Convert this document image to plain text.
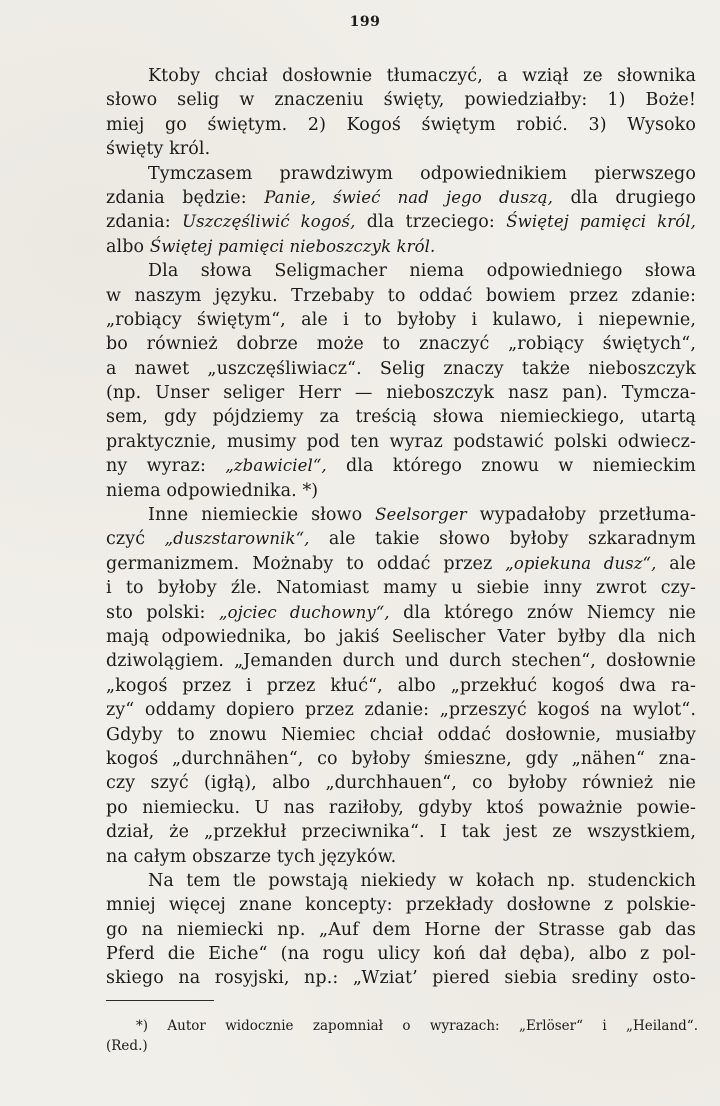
199
Ktoby chciał dosłownie tłumaczyć, a wziął ze słownika
słowo selig w znaczeniu święty, powiedziałby: 1) Boże!
miej go świętym. 2) Kogoś świętym robić. 3) Wysoko
święty król.
Tymczasem prawdziwym odpowiednikiem pierwszego
zdania będzie: Panie, świeć nad jego duszą, dla drugiego
zdania: Uszczęśliwić kogoś, dla trzeciego: Świętej pamięci król,
albo Świętej pamięci nieboszczyk król.
Dla słowa Seligmacher niema odpowiedniego słowa
w naszym języku. Trzebaby to oddać bowiem przez zdanie:
„robiący świętym“, ale i to byłoby i kulawo, i niepewnie,
bo również dobrze może to znaczyć „robiący świętych“,
a nawet „uszczęśliwiacz“. Selig znaczy także nieboszczyk
(np. Unser seliger Herr — nieboszczyk nasz pan). Tymcza-
sem, gdy pójdziemy za treścią słowa niemieckiego, utartą
praktycznie, musimy pod ten wyraz podstawić polski odwiecz-
ny wyraz: „zbawiciel“, dla którego znowu w niemieckim
niema odpowiednika. *)
Inne niemieckie słowo Seelsorger wypadałoby przetłuma-
czyć „duszstarownik“, ale takie słowo byłoby szkaradnym
germanizmem. Możnaby to oddać przez „opiekuna dusz“, ale
i to byłoby źle. Natomiast mamy u siebie inny zwrot czy-
sto polski: „ojciec duchowny“, dla którego znów Niemcy nie
mają odpowiednika, bo jakiś Seelischer Vater byłby dla nich
dziwolągiem. „Jemanden durch und durch stechen“, dosłownie
„kogoś przez i przez kłuć“, albo „przekłuć kogoś dwa ra-
zy“ oddamy dopiero przez zdanie: „przeszyć kogoś na wylot“.
Gdyby to znowu Niemiec chciał oddać dosłownie, musiałby
kogoś „durchnähen“, co byłoby śmieszne, gdy „nähen“ zna-
czy szyć (igłą), albo „durchhauen“, co byłoby również nie
po niemiecku. U nas raziłoby, gdyby ktoś poważnie powie-
dział, że „przekłuł przeciwnika“. I tak jest ze wszystkiem,
na całym obszarze tych języków.
Na tem tle powstają niekiedy w kołach np. studenckich
mniej więcej znane koncepty: przekłady dosłowne z polskie-
go na niemiecki np. „Auf dem Horne der Strasse gab das
Pferd die Eiche“ (na rogu ulicy koń dał dęba), albo z pol-
skiego na rosyjski, np.: „Wziat’ piered siebia srediny osto-
*) Autor widocznie zapomniał o wyrazach: „Erlöser“ i „Heiland“.
(Red.)
